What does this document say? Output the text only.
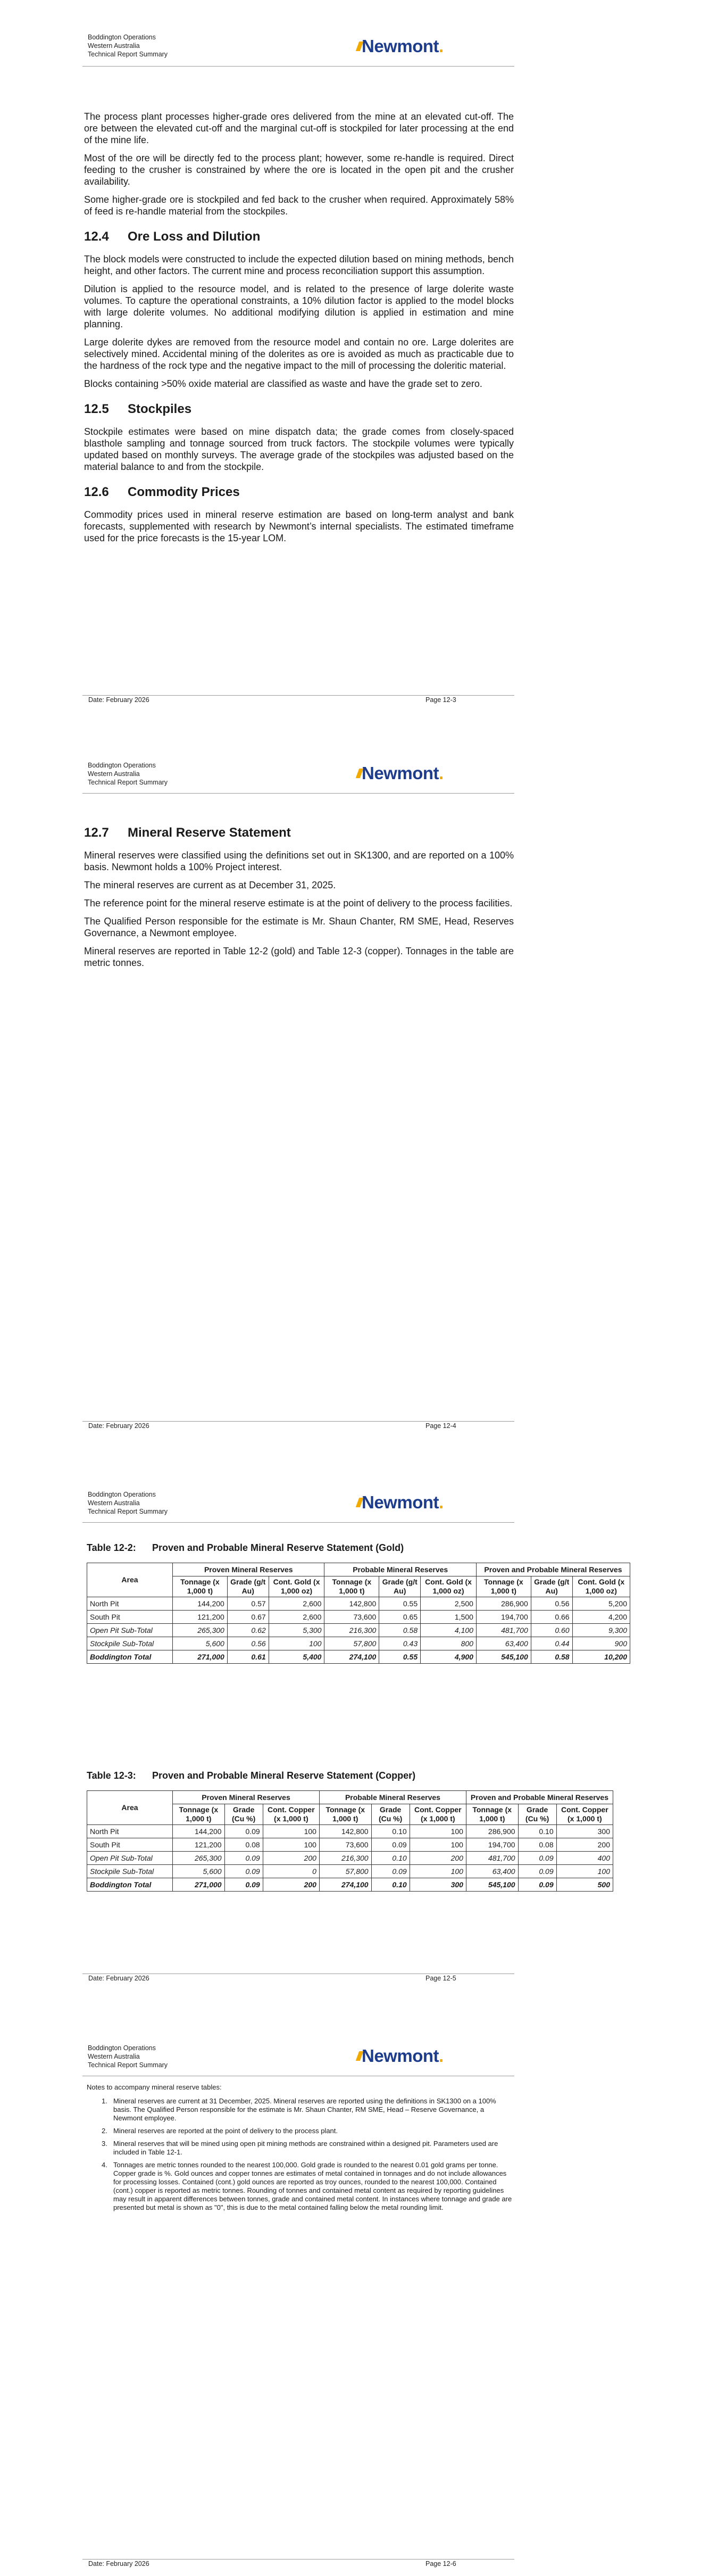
Boddington Operations
Western Australia
Technical Report Summary	Newmont.

The process plant processes higher-grade ores delivered from the mine at an elevated cut-off. The ore between the elevated cut-off and the marginal cut-off is stockpiled for later processing at the end of the mine life.

Most of the ore will be directly fed to the process plant; however, some re-handle is required. Direct feeding to the crusher is constrained by where the ore is located in the open pit and the crusher availability.

Some higher-grade ore is stockpiled and fed back to the crusher when required. Approximately 58% of feed is re-handle material from the stockpiles.

12.4 Ore Loss and Dilution

The block models were constructed to include the expected dilution based on mining methods, bench height, and other factors. The current mine and process reconciliation support this assumption.

Dilution is applied to the resource model, and is related to the presence of large dolerite waste volumes. To capture the operational constraints, a 10% dilution factor is applied to the model blocks with large dolerite volumes. No additional modifying dilution is applied in estimation and mine planning.

Large dolerite dykes are removed from the resource model and contain no ore. Large dolerites are selectively mined. Accidental mining of the dolerites as ore is avoided as much as practicable due to the hardness of the rock type and the negative impact to the mill of processing the doleritic material.

Blocks containing >50% oxide material are classified as waste and have the grade set to zero.

12.5 Stockpiles

Stockpile estimates were based on mine dispatch data; the grade comes from closely-spaced blasthole sampling and tonnage sourced from truck factors. The stockpile volumes were typically updated based on monthly surveys. The average grade of the stockpiles was adjusted based on the material balance to and from the stockpile.

12.6 Commodity Prices

Commodity prices used in mineral reserve estimation are based on long-term analyst and bank forecasts, supplemented with research by Newmont’s internal specialists. The estimated timeframe used for the price forecasts is the 15-year LOM.

Date: February 2026	Page 12-3
Boddington Operations
Western Australia
Technical Report Summary	Newmont.
12.7 Mineral Reserve Statement

Mineral reserves were classified using the definitions set out in SK1300, and are reported on a 100% basis. Newmont holds a 100% Project interest.

The mineral reserves are current as at December 31, 2025.

The reference point for the mineral reserve estimate is at the point of delivery to the process facilities.

The Qualified Person responsible for the estimate is Mr. Shaun Chanter, RM SME, Head, Reserves Governance, a Newmont employee.

Mineral reserves are reported in Table 12-2 (gold) and Table 12-3 (copper). Tonnages in the table are metric tonnes.

Date: February 2026	Page 12-4
Boddington Operations
Western Australia
Technical Report Summary	Newmont.
Table 12-2: Proven and Probable Mineral Reserve Statement (Gold)
Area	Proven Mineral Reserves			Probable Mineral Reserves			Proven and Probable Mineral Reserves		
	Tonnage (x 1,000 t)	Grade (g/t Au)	Cont. Gold (x 1,000 oz)	Tonnage (x 1,000 t)	Grade (g/t Au)	Cont. Gold (x 1,000 oz)	Tonnage (x 1,000 t)	Grade (g/t Au)	Cont. Gold (x 1,000 oz)
North Pit	144,200	0.57	2,600	142,800	0.55	2,500	286,900	0.56	5,200
South Pit	121,200	0.67	2,600	73,600	0.65	1,500	194,700	0.66	4,200
Open Pit Sub-Total	265,300	0.62	5,300	216,300	0.58	4,100	481,700	0.60	9,300
Stockpile Sub-Total	5,600	0.56	100	57,800	0.43	800	63,400	0.44	900
Boddington Total	271,000	0.61	5,400	274,100	0.55	4,900	545,100	0.58	10,200
Table 12-3: Proven and Probable Mineral Reserve Statement (Copper)
Area	Proven Mineral Reserves			Probable Mineral Reserves			Proven and Probable Mineral Reserves		
	Tonnage (x 1,000 t)	Grade (Cu %)	Cont. Copper (x 1,000 t)	Tonnage (x 1,000 t)	Grade (Cu %)	Cont. Copper (x 1,000 t)	Tonnage (x 1,000 t)	Grade (Cu %)	Cont. Copper (x 1,000 t)
North Pit	144,200	0.09	100	142,800	0.10	100	286,900	0.10	300
South Pit	121,200	0.08	100	73,600	0.09	100	194,700	0.08	200
Open Pit Sub-Total	265,300	0.09	200	216,300	0.10	200	481,700	0.09	400
Stockpile Sub-Total	5,600	0.09	0	57,800	0.09	100	63,400	0.09	100
Boddington Total	271,000	0.09	200	274,100	0.10	300	545,100	0.09	500
Date: February 2026	Page 12-5
Boddington Operations
Western Australia
Technical Report Summary	Newmont.
Notes to accompany mineral reserve tables:
1. Mineral reserves are current at 31 December, 2025. Mineral reserves are reported using the definitions in SK1300 on a 100% basis. The Qualified Person responsible for the estimate is Mr. Shaun Chanter, RM SME, Head – Reserve Governance, a Newmont employee.
2. Mineral reserves are reported at the point of delivery to the process plant.
3. Mineral reserves that will be mined using open pit mining methods are constrained within a designed pit. Parameters used are included in Table 12-1.
4. Tonnages are metric tonnes rounded to the nearest 100,000. Gold grade is rounded to the nearest 0.01 gold grams per tonne. Copper grade is %. Gold ounces and copper tonnes are estimates of metal contained in tonnages and do not include allowances for processing losses. Contained (cont.) gold ounces are reported as troy ounces, rounded to the nearest 100,000. Contained (cont.) copper is reported as metric tonnes. Rounding of tonnes and contained metal content as required by reporting guidelines may result in apparent differences between tonnes, grade and contained metal content. In instances where tonnage and grade are presented but metal is shown as "0", this is due to the metal contained falling below the metal rounding limit.
Date: February 2026	Page 12-6
